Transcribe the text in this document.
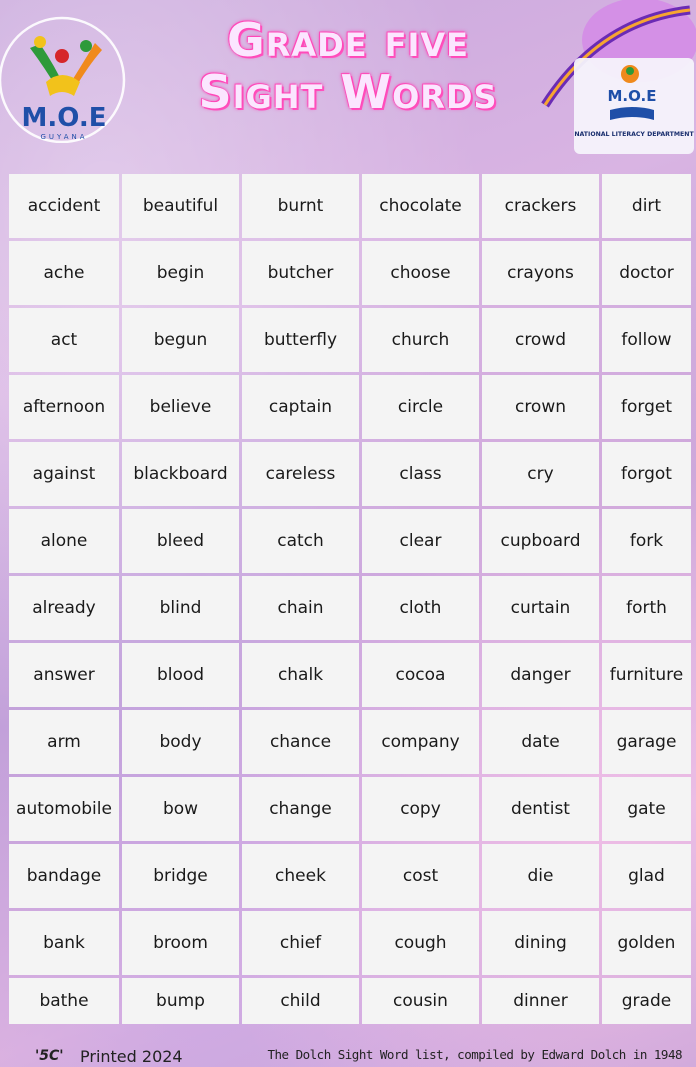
M.O.E
GUYANA
Grade five
Sight Words	M.O.E
NATIONAL LITERACY DEPARTMENT
accident	beautiful	burnt	chocolate	crackers	dirt
ache	begin	butcher	choose	crayons	doctor
act	begun	butterfly	church	crowd	follow
afternoon	believe	captain	circle	crown	forget
against	blackboard	careless	class	cry	forgot
alone	bleed	catch	clear	cupboard	fork
already	blind	chain	cloth	curtain	forth
answer	blood	chalk	cocoa	danger	furniture
arm	body	chance	company	date	garage
automobile	bow	change	copy	dentist	gate
bandage	bridge	cheek	cost	die	glad
bank	broom	chief	cough	dining	golden
bathe	bump	child	cousin	dinner	grade
'5C' Printed 2024	The Dolch Sight Word list, compiled by Edward Dolch in 1948
